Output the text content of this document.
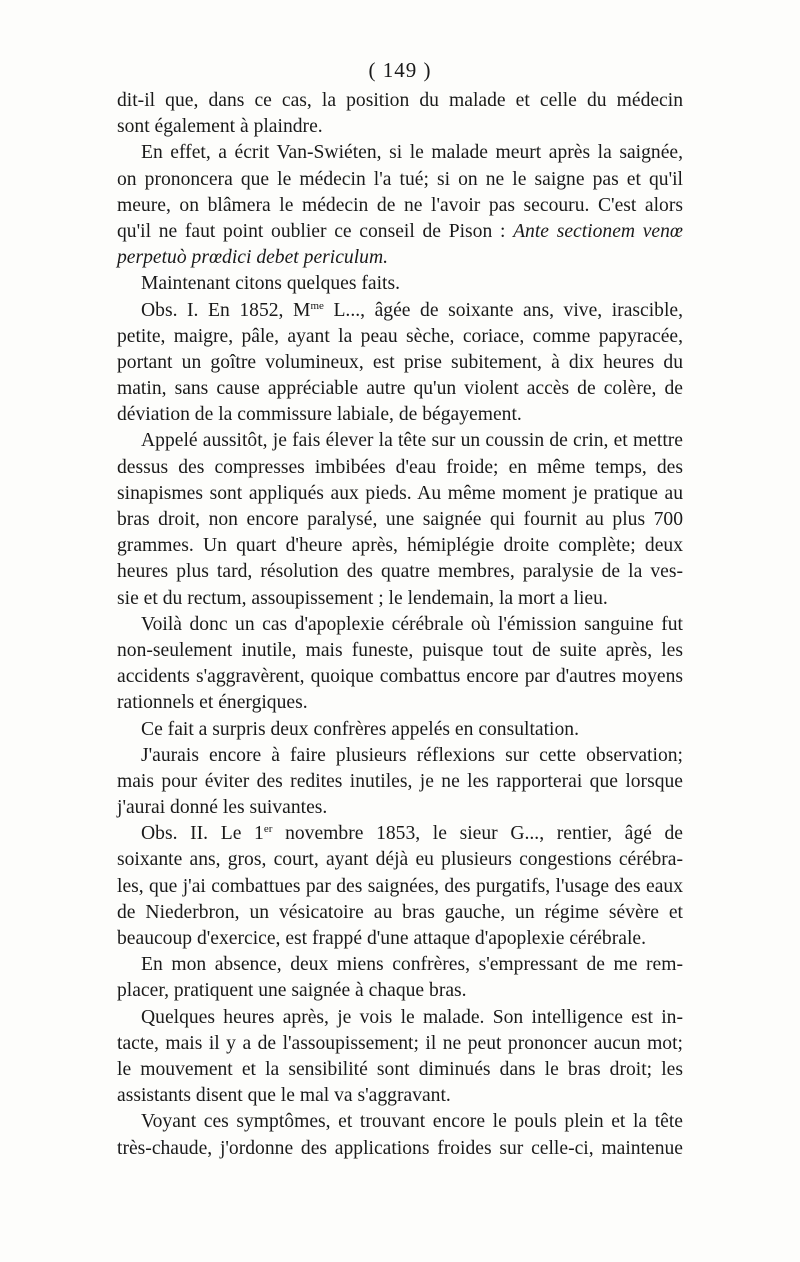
( 149 )
dit-il que, dans ce cas, la position du malade et celle du médecin
sont également à plaindre.
En effet, a écrit Van-Swiéten, si le malade meurt après la saignée,
on prononcera que le médecin l'a tué; si on ne le saigne pas et qu'il
meure, on blâmera le médecin de ne l'avoir pas secouru. C'est alors
qu'il ne faut point oublier ce conseil de Pison : Ante sectionem venœ
perpetuò prœdici debet periculum.
Maintenant citons quelques faits.
Obs. I. En 1852, $M^{me}$ L..., âgée de soixante ans, vive, irascible,
petite, maigre, pâle, ayant la peau sèche, coriace, comme papyracée,
portant un goître volumineux, est prise subitement, à dix heures du
matin, sans cause appréciable autre qu'un violent accès de colère, de
déviation de la commissure labiale, de bégayement.
Appelé aussitôt, je fais élever la tête sur un coussin de crin, et mettre
dessus des compresses imbibées d'eau froide; en même temps, des
sinapismes sont appliqués aux pieds. Au même moment je pratique au
bras droit, non encore paralysé, une saignée qui fournit au plus 700
grammes. Un quart d'heure après, hémiplégie droite complète; deux
heures plus tard, résolution des quatre membres, paralysie de la ves-
sie et du rectum, assoupissement ; le lendemain, la mort a lieu.
Voilà donc un cas d'apoplexie cérébrale où l'émission sanguine fut
non-seulement inutile, mais funeste, puisque tout de suite après, les
accidents s'aggravèrent, quoique combattus encore par d'autres moyens
rationnels et énergiques.
Ce fait a surpris deux confrères appelés en consultation.
J'aurais encore à faire plusieurs réflexions sur cette observation;
mais pour éviter des redites inutiles, je ne les rapporterai que lorsque
j'aurai donné les suivantes.
Obs. II. Le 1er novembre 1853, le sieur G..., rentier, âgé de
soixante ans, gros, court, ayant déjà eu plusieurs congestions cérébra-
les, que j'ai combattues par des saignées, des purgatifs, l'usage des eaux
de Niederbron, un vésicatoire au bras gauche, un régime sévère et
beaucoup d'exercice, est frappé d'une attaque d'apoplexie cérébrale.
En mon absence, deux miens confrères, s'empressant de me rem-
placer, pratiquent une saignée à chaque bras.
Quelques heures après, je vois le malade. Son intelligence est in-
tacte, mais il y a de l'assoupissement; il ne peut prononcer aucun mot;
le mouvement et la sensibilité sont diminués dans le bras droit; les
assistants disent que le mal va s'aggravant.
Voyant ces symptômes, et trouvant encore le pouls plein et la tête
très-chaude, j'ordonne des applications froides sur celle-ci, maintenue
